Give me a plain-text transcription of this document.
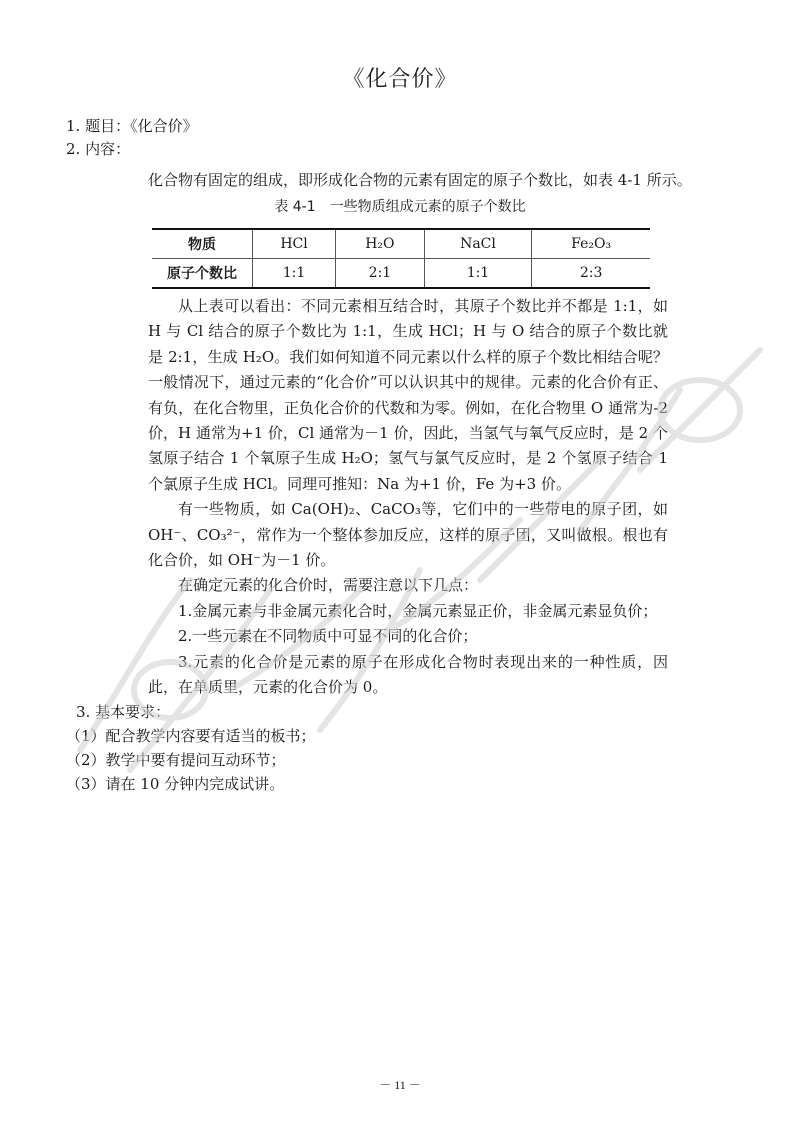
《化合价》
1. 题目：《化合价》
2. 内容：
化合物有固定的组成，即形成化合物的元素有固定的原子个数比，如表 4-1 所示。
表 4-1　一些物质组成元素的原子个数比
物质	HCl	H₂O	NaCl	Fe₂O₃
原子个数比	1:1	2:1	1:1	2:3

从上表可以看出：不同元素相互结合时，其原子个数比并不都是 1:1，如 H 与 Cl 结合的原子个数比为 1:1，生成 HCl；H 与 O 结合的原子个数比就是 2:1，生成 H₂O。我们如何知道不同元素以什么样的原子个数比相结合呢？一般情况下，通过元素的“化合价”可以认识其中的规律。元素的化合价有正、有负，在化合物里，正负化合价的代数和为零。例如，在化合物里 O 通常为-2 价，H 通常为+1 价，Cl 通常为－1 价，因此，当氢气与氧气反应时，是 2 个氢原子结合 1 个氧原子生成 H₂O；氢气与氯气反应时，是 2 个氢原子结合 1 个氯原子生成 HCl。同理可推知：Na 为+1 价，Fe 为+3 价。

有一些物质，如 Ca(OH)₂、CaCO₃等，它们中的一些带电的原子团，如 OH⁻、CO₃²⁻，常作为一个整体参加反应，这样的原子团，又叫做根。根也有化合价，如 OH⁻为－1 价。

在确定元素的化合价时，需要注意以下几点：

1.金属元素与非金属元素化合时，金属元素显正价，非金属元素显负价；

2.一些元素在不同物质中可显不同的化合价；

3.元素的化合价是元素的原子在形成化合物时表现出来的一种性质，因此，在单质里，元素的化合价为 0。

3. 基本要求：
（1）配合教学内容要有适当的板书；
（2）教学中要有提问互动环节；
（3）请在 10 分钟内完成试讲。
－ 11 －
